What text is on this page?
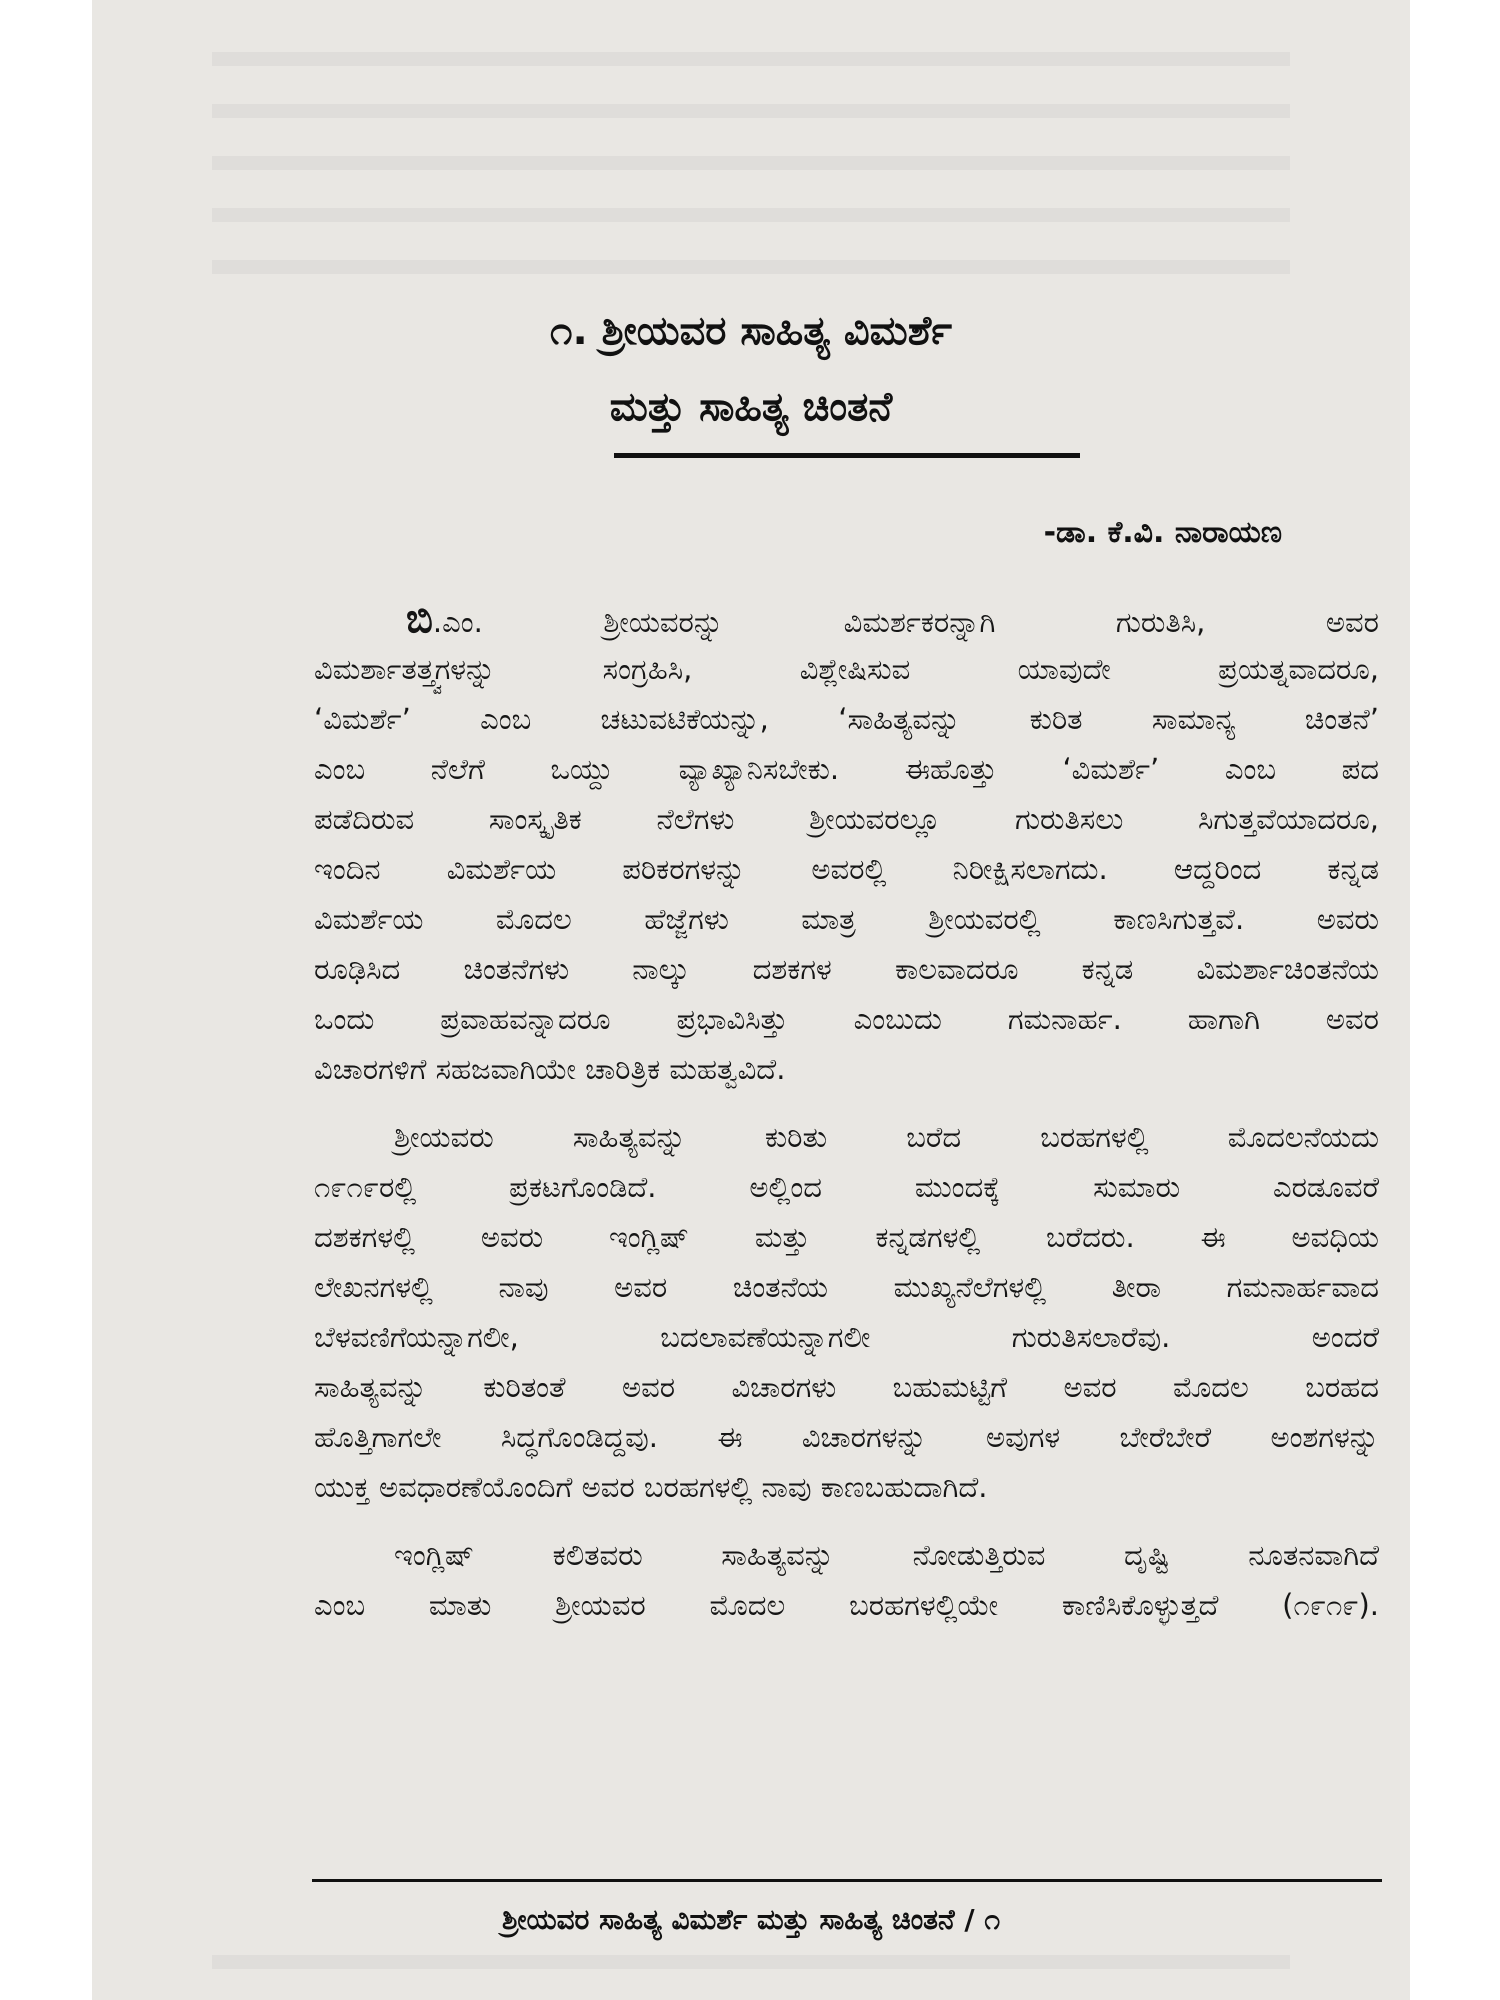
೧. ಶ್ರೀಯವರ ಸಾಹಿತ್ಯ ವಿಮರ್ಶೆ
ಮತ್ತು ಸಾಹಿತ್ಯ ಚಿಂತನೆ
-ಡಾ. ಕೆ.ವಿ. ನಾರಾಯಣ
ಬಿ.ಎಂ. ಶ್ರೀಯವರನ್ನು ವಿಮರ್ಶಕರನ್ನಾಗಿ ಗುರುತಿಸಿ, ಅವರ
ವಿಮರ್ಶಾತತ್ತ್ವಗಳನ್ನು ಸಂಗ್ರಹಿಸಿ, ವಿಶ್ಲೇಷಿಸುವ ಯಾವುದೇ ಪ್ರಯತ್ನವಾದರೂ,
‘ವಿಮರ್ಶೆ’ ಎಂಬ ಚಟುವಟಿಕೆಯನ್ನು, ‘ಸಾಹಿತ್ಯವನ್ನು ಕುರಿತ ಸಾಮಾನ್ಯ ಚಿಂತನೆ’
ಎಂಬ ನೆಲೆಗೆ ಒಯ್ದು ವ್ಯಾಖ್ಯಾನಿಸಬೇಕು. ಈಹೊತ್ತು ‘ವಿಮರ್ಶೆ’ ಎಂಬ ಪದ
ಪಡೆದಿರುವ ಸಾಂಸ್ಕೃತಿಕ ನೆಲೆಗಳು ಶ್ರೀಯವರಲ್ಲೂ ಗುರುತಿಸಲು ಸಿಗುತ್ತವೆಯಾದರೂ,
ಇಂದಿನ ವಿಮರ್ಶೆಯ ಪರಿಕರಗಳನ್ನು ಅವರಲ್ಲಿ ನಿರೀಕ್ಷಿಸಲಾಗದು. ಆದ್ದರಿಂದ ಕನ್ನಡ
ವಿಮರ್ಶೆಯ ಮೊದಲ ಹೆಜ್ಜೆಗಳು ಮಾತ್ರ ಶ್ರೀಯವರಲ್ಲಿ ಕಾಣಸಿಗುತ್ತವೆ. ಅವರು
ರೂಢಿಸಿದ ಚಿಂತನೆಗಳು ನಾಲ್ಕು ದಶಕಗಳ ಕಾಲವಾದರೂ ಕನ್ನಡ ವಿಮರ್ಶಾಚಿಂತನೆಯ
ಒಂದು ಪ್ರವಾಹವನ್ನಾದರೂ ಪ್ರಭಾವಿಸಿತ್ತು ಎಂಬುದು ಗಮನಾರ್ಹ. ಹಾಗಾಗಿ ಅವರ
ವಿಚಾರಗಳಿಗೆ ಸಹಜವಾಗಿಯೇ ಚಾರಿತ್ರಿಕ ಮಹತ್ವವಿದೆ.
ಶ್ರೀಯವರು ಸಾಹಿತ್ಯವನ್ನು ಕುರಿತು ಬರೆದ ಬರಹಗಳಲ್ಲಿ ಮೊದಲನೆಯದು
೧೯೧೯ರಲ್ಲಿ ಪ್ರಕಟಗೊಂಡಿದೆ. ಅಲ್ಲಿಂದ ಮುಂದಕ್ಕೆ ಸುಮಾರು ಎರಡೂವರೆ
ದಶಕಗಳಲ್ಲಿ ಅವರು ಇಂಗ್ಲಿಷ್ ಮತ್ತು ಕನ್ನಡಗಳಲ್ಲಿ ಬರೆದರು. ಈ ಅವಧಿಯ
ಲೇಖನಗಳಲ್ಲಿ ನಾವು ಅವರ ಚಿಂತನೆಯ ಮುಖ್ಯನೆಲೆಗಳಲ್ಲಿ ತೀರಾ ಗಮನಾರ್ಹವಾದ
ಬೆಳವಣಿಗೆಯನ್ನಾಗಲೀ, ಬದಲಾವಣೆಯನ್ನಾಗಲೀ ಗುರುತಿಸಲಾರೆವು. ಅಂದರೆ
ಸಾಹಿತ್ಯವನ್ನು ಕುರಿತಂತೆ ಅವರ ವಿಚಾರಗಳು ಬಹುಮಟ್ಟಿಗೆ ಅವರ ಮೊದಲ ಬರಹದ
ಹೊತ್ತಿಗಾಗಲೇ ಸಿದ್ಧಗೊಂಡಿದ್ದವು. ಈ ವಿಚಾರಗಳನ್ನು ಅವುಗಳ ಬೇರೆಬೇರೆ ಅಂಶಗಳನ್ನು
ಯುಕ್ತ ಅವಧಾರಣೆಯೊಂದಿಗೆ ಅವರ ಬರಹಗಳಲ್ಲಿ ನಾವು ಕಾಣಬಹುದಾಗಿದೆ.
ಇಂಗ್ಲಿಷ್ ಕಲಿತವರು ಸಾಹಿತ್ಯವನ್ನು ನೋಡುತ್ತಿರುವ ದೃಷ್ಟಿ ನೂತನವಾಗಿದೆ
ಎಂಬ ಮಾತು ಶ್ರೀಯವರ ಮೊದಲ ಬರಹಗಳಲ್ಲಿಯೇ ಕಾಣಿಸಿಕೊಳ್ಳುತ್ತದೆ (೧೯೧೯).
ಶ್ರೀಯವರ ಸಾಹಿತ್ಯ ವಿಮರ್ಶೆ ಮತ್ತು ಸಾಹಿತ್ಯ ಚಿಂತನೆ / ೧
